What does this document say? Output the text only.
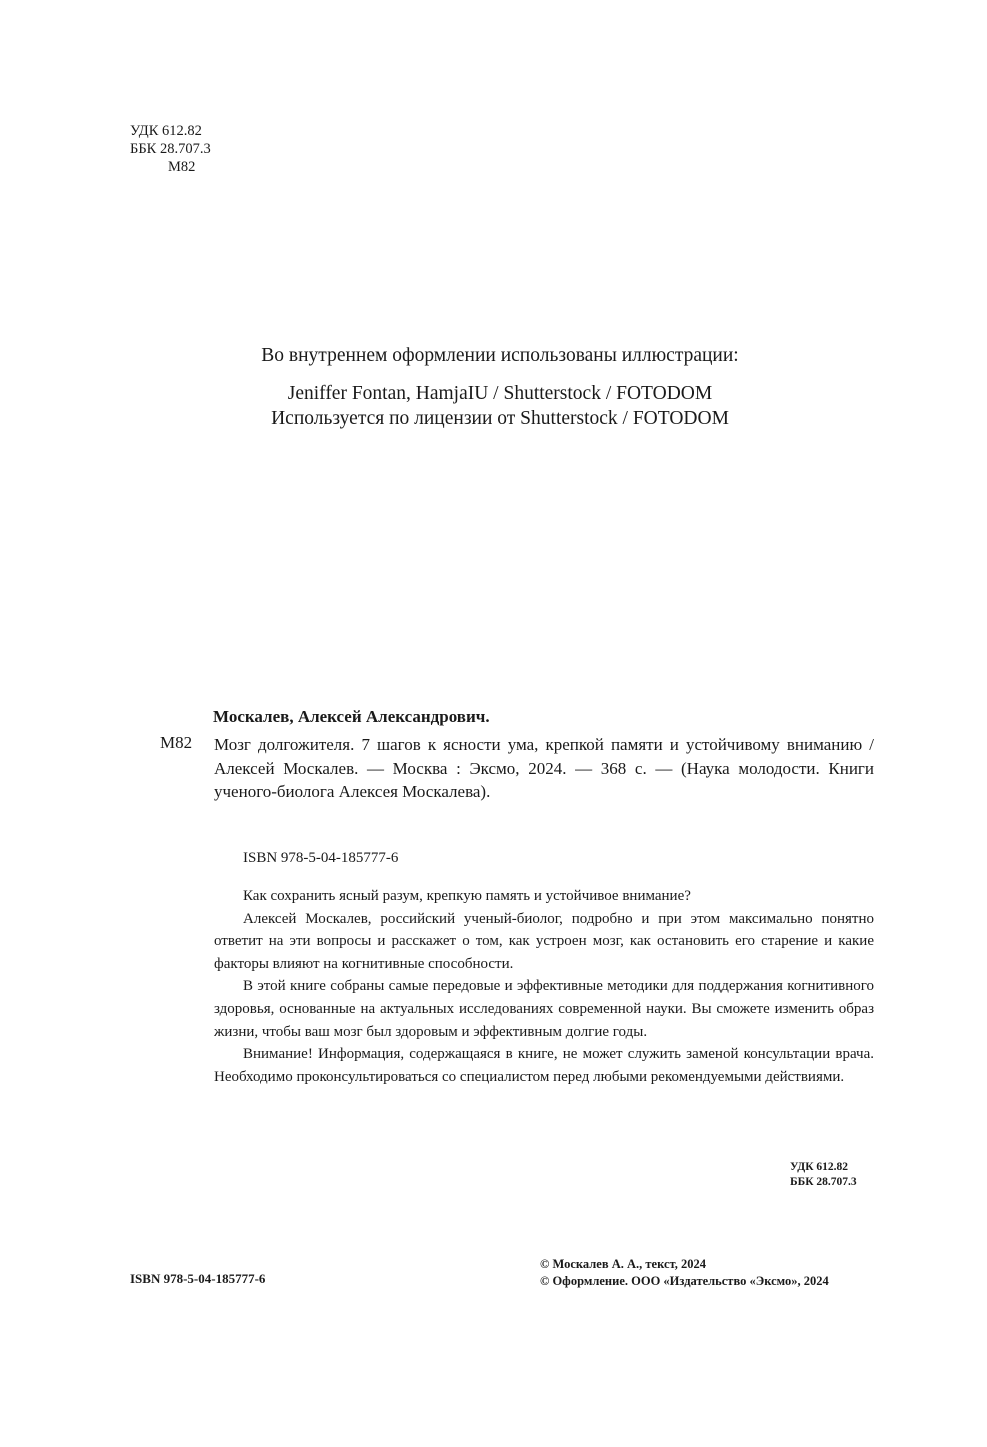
УДК 612.82
ББК 28.707.3
М82
Во внутреннем оформлении использованы иллюстрации:
Jeniffer Fontan, HamjaIU / Shutterstock / FOTODOM
Используется по лицензии от Shutterstock / FOTODOM
Москалев, Алексей Александрович.
М82 Мозг долгожителя. 7 шагов к ясности ума, крепкой памяти и устойчивому вниманию / Алексей Москалев. — Москва : Эксмо, 2024. — 368 с. — (Наука молодости. Книги ученого-биолога Алексея Москалева).
ISBN 978-5-04-185777-6

Как сохранить ясный разум, крепкую память и устойчивое внимание?

Алексей Москалев, российский ученый-биолог, подробно и при этом максимально понятно ответит на эти вопросы и расскажет о том, как устроен мозг, как остановить его старение и какие факторы влияют на когнитивные способности.

В этой книге собраны самые передовые и эффективные методики для поддержания когнитивного здоровья, основанные на актуальных исследованиях современной науки. Вы сможете изменить образ жизни, чтобы ваш мозг был здоровым и эффективным долгие годы.

Внимание! Информация, содержащаяся в книге, не может служить заменой консультации врача. Необходимо проконсультироваться со специалистом перед любыми рекомендуемыми действиями.

УДК 612.82
ББК 28.707.3
ISBN 978-5-04-185777-6
© Москалев А. А., текст, 2024
© Оформление. ООО «Издательство «Эксмо», 2024
